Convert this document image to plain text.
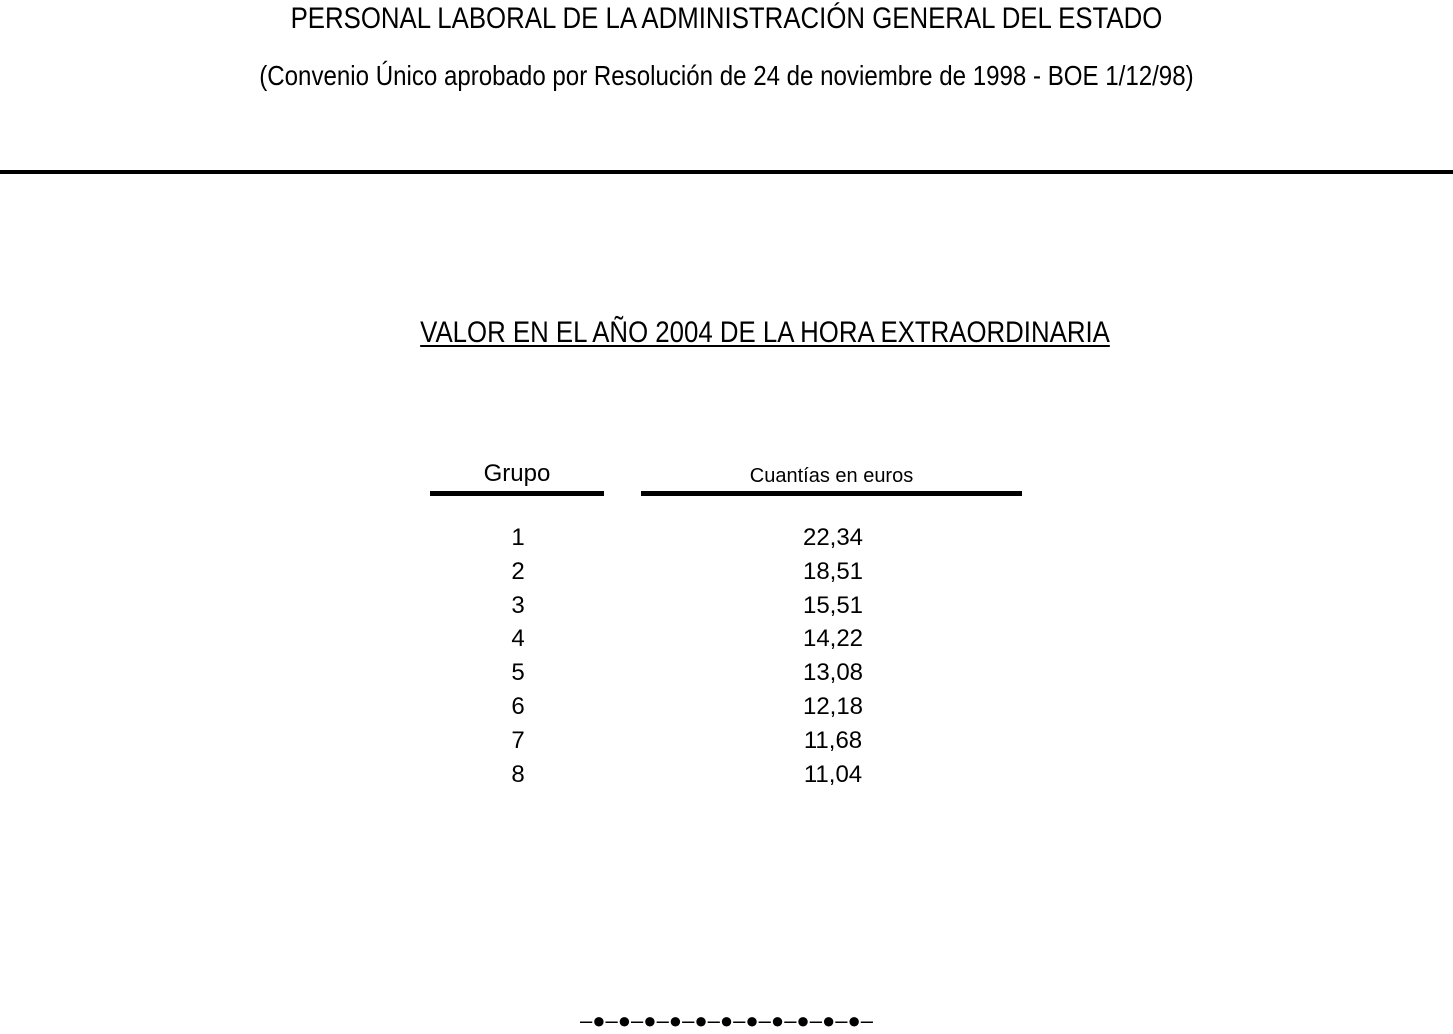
PERSONAL LABORAL DE LA ADMINISTRACIÓN GENERAL DEL ESTADO
(Convenio Único aprobado por Resolución de 24 de noviembre de 1998 - BOE 1/12/98)
VALOR EN EL AÑO 2004 DE LA HORA EXTRAORDINARIA
Grupo	Cuantías en euros
1	22,34
2	18,51
3	15,51
4	14,22
5	13,08
6	12,18
7	11,68
8	11,04
–●–●–●–●–●–●–●–●–●–●–●–
